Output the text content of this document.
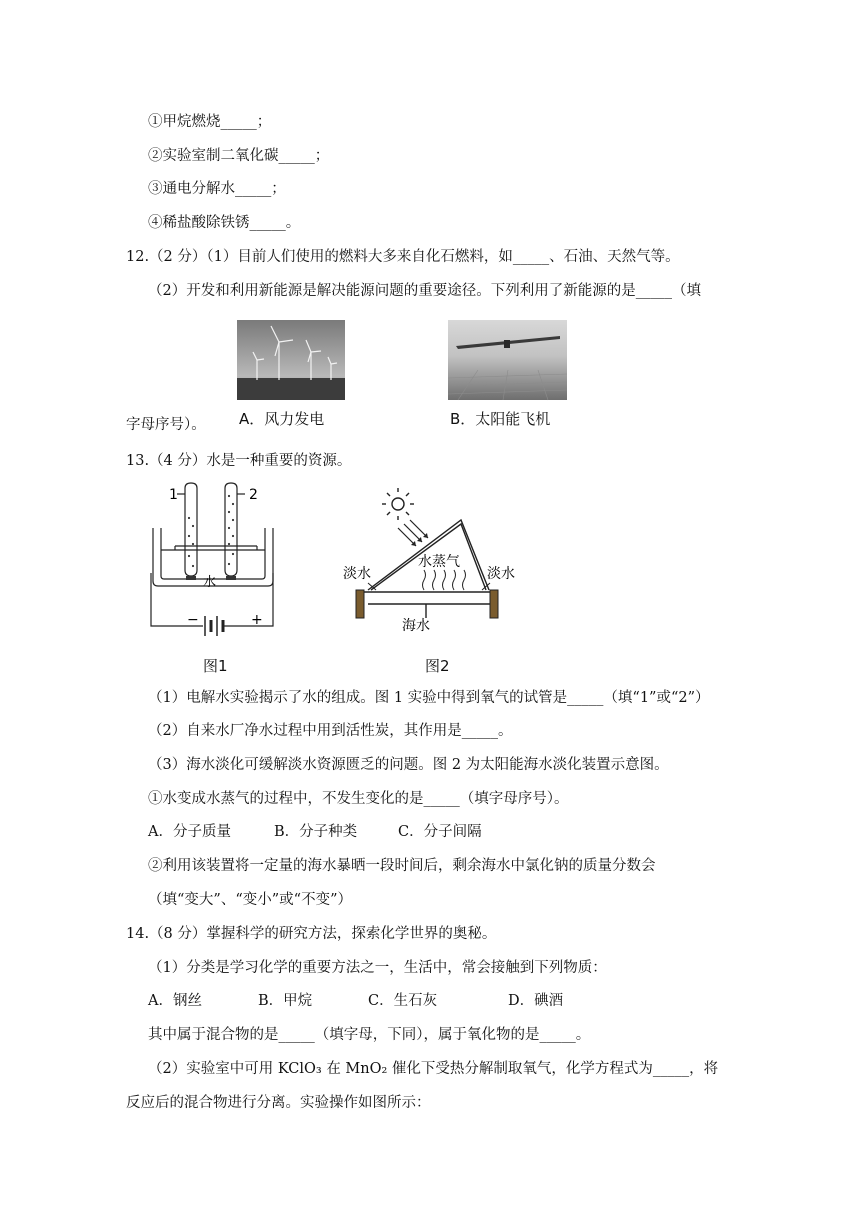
①甲烷燃烧_____；
②实验室制二氧化碳_____；
③通电分解水_____；
④稀盐酸除铁锈_____。
12.（2 分）（1）目前人们使用的燃料大多来自化石燃料，如_____、石油、天然气等。
（2）开发和利用新能源是解决能源问题的重要途径。下列利用了新能源的是_____（填
A．风力发电	B．太阳能飞机
字母序号）。
13.（4 分）水是一种重要的资源。
1	2
水
−	+
图1
淡水
水蒸气
淡水
海水
图2
（1）电解水实验揭示了水的组成。图 1 实验中得到氧气的试管是_____（填“1”或“2”）
（2）自来水厂净水过程中用到活性炭，其作用是_____。
（3）海水淡化可缓解淡水资源匮乏的问题。图 2 为太阳能海水淡化装置示意图。
①水变成水蒸气的过程中，不发生变化的是_____（填字母序号）。
A．分子质量	B．分子种类	C．分子间隔
②利用该装置将一定量的海水暴晒一段时间后，剩余海水中氯化钠的质量分数会
（填“变大”、“变小”或“不变”）
14.（8 分）掌握科学的研究方法，探索化学世界的奥秘。
（1）分类是学习化学的重要方法之一，生活中，常会接触到下列物质：
A．钢丝	B．甲烷	C．生石灰	D．碘酒
其中属于混合物的是_____（填字母，下同），属于氧化物的是_____。
（2）实验室中可用 KClO₃ 在 MnO₂ 催化下受热分解制取氧气，化学方程式为_____，将
反应后的混合物进行分离。实验操作如图所示：
